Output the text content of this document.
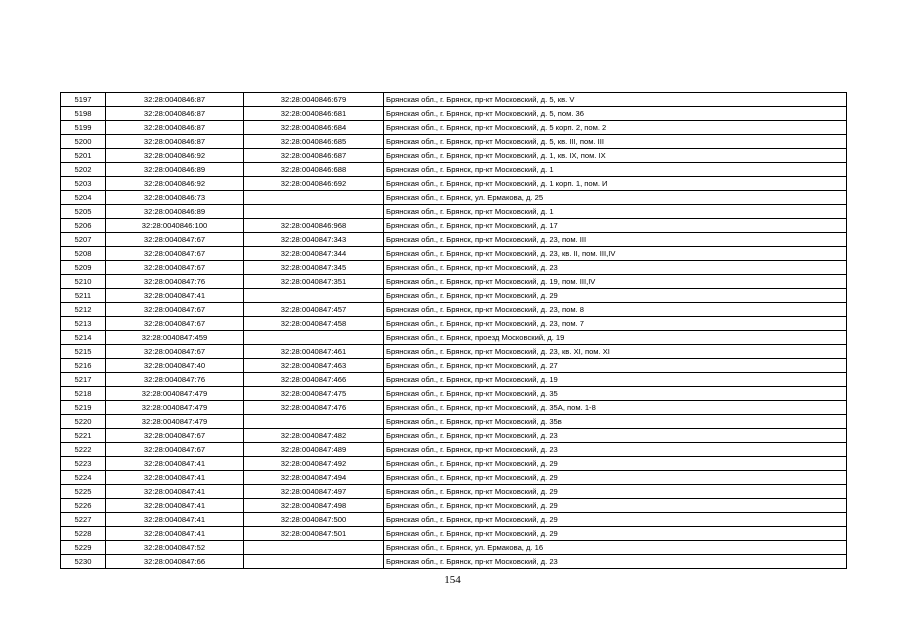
5197	32:28:0040846:87	32:28:0040846:679	Брянская обл., г. Брянск, пр-кт Московский, д. 5, кв. V
5198	32:28:0040846:87	32:28:0040846:681	Брянская обл., г. Брянск, пр-кт Московский, д. 5, пом. 36
5199	32:28:0040846:87	32:28:0040846:684	Брянская обл., г. Брянск, пр-кт Московский, д. 5 корп. 2, пом. 2
5200	32:28:0040846:87	32:28:0040846:685	Брянская обл., г. Брянск, пр-кт Московский, д. 5, кв. III, пом. III
5201	32:28:0040846:92	32:28:0040846:687	Брянская обл., г. Брянск, пр-кт Московский, д. 1, кв. IX, пом. IX
5202	32:28:0040846:89	32:28:0040846:688	Брянская обл., г. Брянск, пр-кт Московский, д. 1
5203	32:28:0040846:92	32:28:0040846:692	Брянская обл., г. Брянск, пр-кт Московский, д. 1 корп. 1, пом. И
5204	32:28:0040846:73		Брянская обл., г. Брянск, ул. Ермакова, д. 25
5205	32:28:0040846:89		Брянская обл., г. Брянск, пр-кт Московский, д. 1
5206	32:28:0040846:100	32:28:0040846:968	Брянская обл., г. Брянск, пр-кт Московский, д. 17
5207	32:28:0040847:67	32:28:0040847:343	Брянская обл., г. Брянск, пр-кт Московский, д. 23, пом. III
5208	32:28:0040847:67	32:28:0040847:344	Брянская обл., г. Брянск, пр-кт Московский, д. 23, кв. II, пом. III,IV
5209	32:28:0040847:67	32:28:0040847:345	Брянская обл., г. Брянск, пр-кт Московский, д. 23
5210	32:28:0040847:76	32:28:0040847:351	Брянская обл., г. Брянск, пр-кт Московский, д. 19, пом. III,IV
5211	32:28:0040847:41		Брянская обл., г. Брянск, пр-кт Московский, д. 29
5212	32:28:0040847:67	32:28:0040847:457	Брянская обл., г. Брянск, пр-кт Московский, д. 23, пом. 8
5213	32:28:0040847:67	32:28:0040847:458	Брянская обл., г. Брянск, пр-кт Московский, д. 23, пом. 7
5214	32:28:0040847:459		Брянская обл., г. Брянск, проезд Московский, д. 19
5215	32:28:0040847:67	32:28:0040847:461	Брянская обл., г. Брянск, пр-кт Московский, д. 23, кв. XI, пом. XI
5216	32:28:0040847:40	32:28:0040847:463	Брянская обл., г. Брянск, пр-кт Московский, д. 27
5217	32:28:0040847:76	32:28:0040847:466	Брянская обл., г. Брянск, пр-кт Московский, д. 19
5218	32:28:0040847:479	32:28:0040847:475	Брянская обл., г. Брянск, пр-кт Московский, д. 35
5219	32:28:0040847:479	32:28:0040847:476	Брянская обл., г. Брянск, пр-кт Московский, д. 35А, пом. 1-8
5220	32:28:0040847:479		Брянская обл., г. Брянск, пр-кт Московский, д. 35в
5221	32:28:0040847:67	32:28:0040847:482	Брянская обл., г. Брянск, пр-кт Московский, д. 23
5222	32:28:0040847:67	32:28:0040847:489	Брянская обл., г. Брянск, пр-кт Московский, д. 23
5223	32:28:0040847:41	32:28:0040847:492	Брянская обл., г. Брянск, пр-кт Московский, д. 29
5224	32:28:0040847:41	32:28:0040847:494	Брянская обл., г. Брянск, пр-кт Московский, д. 29
5225	32:28:0040847:41	32:28:0040847:497	Брянская обл., г. Брянск, пр-кт Московский, д. 29
5226	32:28:0040847:41	32:28:0040847:498	Брянская обл., г. Брянск, пр-кт Московский, д. 29
5227	32:28:0040847:41	32:28:0040847:500	Брянская обл., г. Брянск, пр-кт Московский, д. 29
5228	32:28:0040847:41	32:28:0040847:501	Брянская обл., г. Брянск, пр-кт Московский, д. 29
5229	32:28:0040847:52		Брянская обл., г. Брянск, ул. Ермакова, д. 16
5230	32:28:0040847:66		Брянская обл., г. Брянск, пр-кт Московский, д. 23
154
